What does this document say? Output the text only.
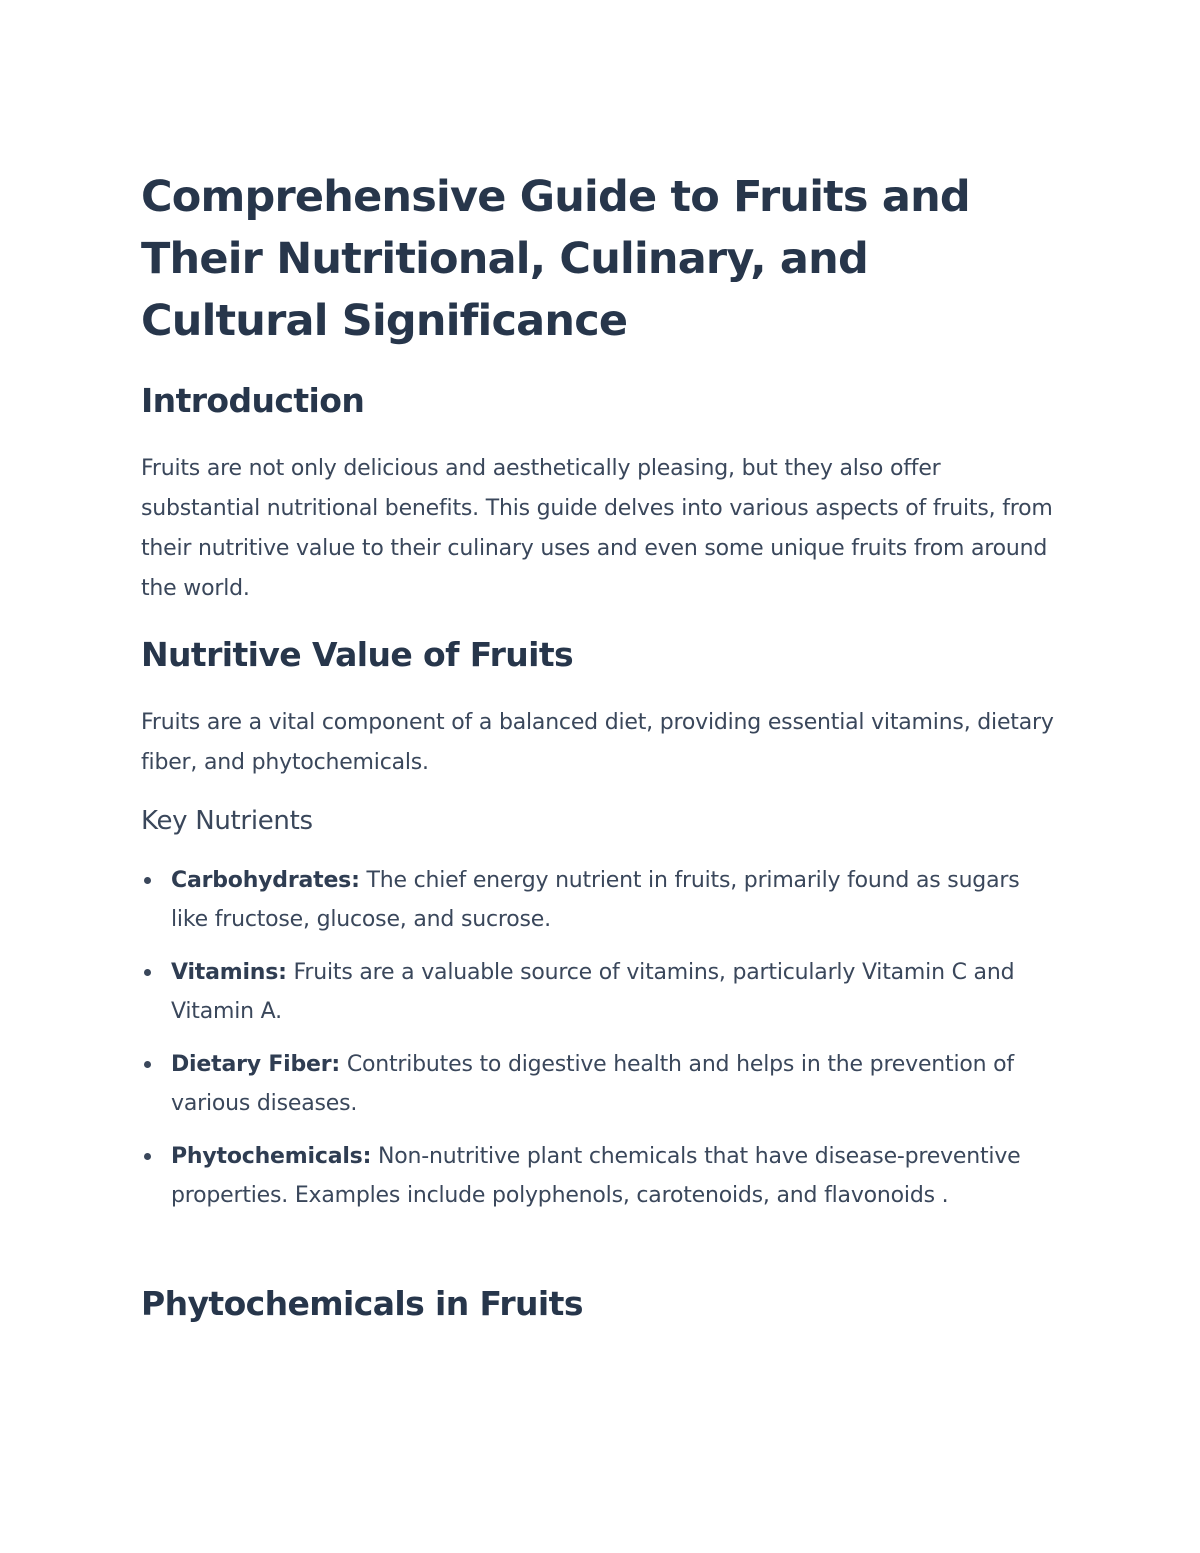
Comprehensive Guide to Fruits and Their Nutritional, Culinary, and Cultural Significance
Introduction

Fruits are not only delicious and aesthetically pleasing, but they also offer substantial nutritional benefits. This guide delves into various aspects of fruits, from their nutritive value to their culinary uses and even some unique fruits from around the world.

Nutritive Value of Fruits

Fruits are a vital component of a balanced diet, providing essential vitamins, dietary fiber, and phytochemicals.

Key Nutrients
Carbohydrates: The chief energy nutrient in fruits, primarily found as sugars like fructose, glucose, and sucrose.
Vitamins: Fruits are a valuable source of vitamins, particularly Vitamin C and Vitamin A.
Dietary Fiber: Contributes to digestive health and helps in the prevention of various diseases.
Phytochemicals: Non-nutritive plant chemicals that have disease-preventive properties. Examples include polyphenols, carotenoids, and flavonoids .
Phytochemicals in Fruits
